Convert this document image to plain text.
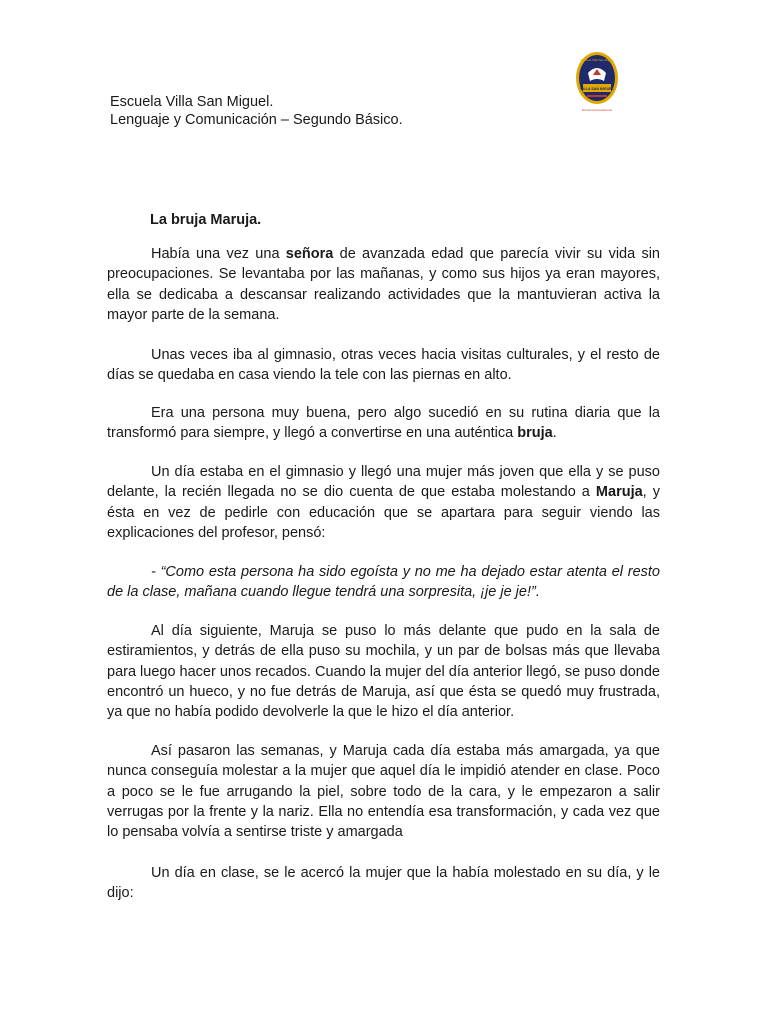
Escuela Villa San Miguel.
Lenguaje y Comunicación – Segundo Básico.
Escuela Villa San Miguel
VILLA SAN MIGUEL
Excelencia Académica
La bruja Maruja.

Había una vez una señora de avanzada edad que parecía vivir su vida sin preocupaciones. Se levantaba por las mañanas, y como sus hijos ya eran mayores, ella se dedicaba a descansar realizando actividades que la mantuvieran activa la mayor parte de la semana.

Unas veces iba al gimnasio, otras veces hacia visitas culturales, y el resto de días se quedaba en casa viendo la tele con las piernas en alto.

Era una persona muy buena, pero algo sucedió en su rutina diaria que la transformó para siempre, y llegó a convertirse en una auténtica bruja.

Un día estaba en el gimnasio y llegó una mujer más joven que ella y se puso delante, la recién llegada no se dio cuenta de que estaba molestando a Maruja, y ésta en vez de pedirle con educación que se apartara para seguir viendo las explicaciones del profesor, pensó:

- “Como esta persona ha sido egoísta y no me ha dejado estar atenta el resto de la clase, mañana cuando llegue tendrá una sorpresita, ¡je je je!”.

Al día siguiente, Maruja se puso lo más delante que pudo en la sala de estiramientos, y detrás de ella puso su mochila, y un par de bolsas más que llevaba para luego hacer unos recados. Cuando la mujer del día anterior llegó, se puso donde encontró un hueco, y no fue detrás de Maruja, así que ésta se quedó muy frustrada, ya que no había podido devolverle la que le hizo el día anterior.

Así pasaron las semanas, y Maruja cada día estaba más amargada, ya que nunca conseguía molestar a la mujer que aquel día le impidió atender en clase. Poco a poco se le fue arrugando la piel, sobre todo de la cara, y le empezaron a salir verrugas por la frente y la nariz. Ella no entendía esa transformación, y cada vez que lo pensaba volvía a sentirse triste y amargada

Un día en clase, se le acercó la mujer que la había molestado en su día, y le dijo:
